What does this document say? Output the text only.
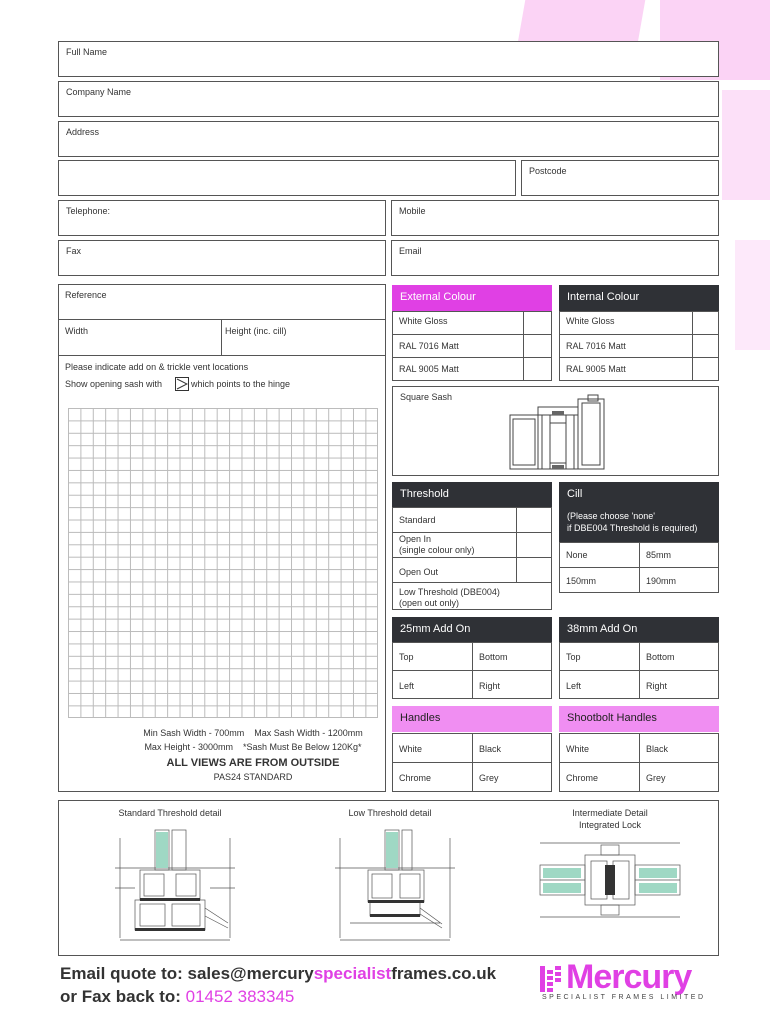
Full Name
Company Name
Address
Postcode
Telephone:	Mobile
Fax	Email
Reference
Width	Height (inc. cill)
Please indicate add on & trickle vent locations
Show opening sash with	which points to the hinge
Min Sash Width - 700mm    Max Sash Width - 1200mm
Max Height - 3000mm    *Sash Must Be Below 120Kg*
ALL VIEWS ARE FROM OUTSIDE
PAS24 STANDARD
External Colour
White Gloss
RAL 7016 Matt
RAL 9005 Matt
Internal Colour
White Gloss
RAL 7016 Matt
RAL 9005 Matt
Square Sash
Threshold
Standard
Open In
(single colour only)
Open Out
Low Threshold (DBE004)
(open out only)
Cill
(Please choose 'none'
if DBE004 Threshold is required)
None	85mm
150mm	190mm
25mm Add On
Top	Bottom
Left	Right
38mm Add On
Top	Bottom
Left	Right
Handles
White	Black
Chrome	Grey
Shootbolt Handles
White	Black
Chrome	Grey
Standard Threshold detail	Low Threshold detail	Intermediate Detail
Integrated Lock
Email quote to: sales@mercuryspecialistframes.co.uk
or Fax back to: 01452 383345
Mercury
SPECIALIST FRAMES LIMITED
